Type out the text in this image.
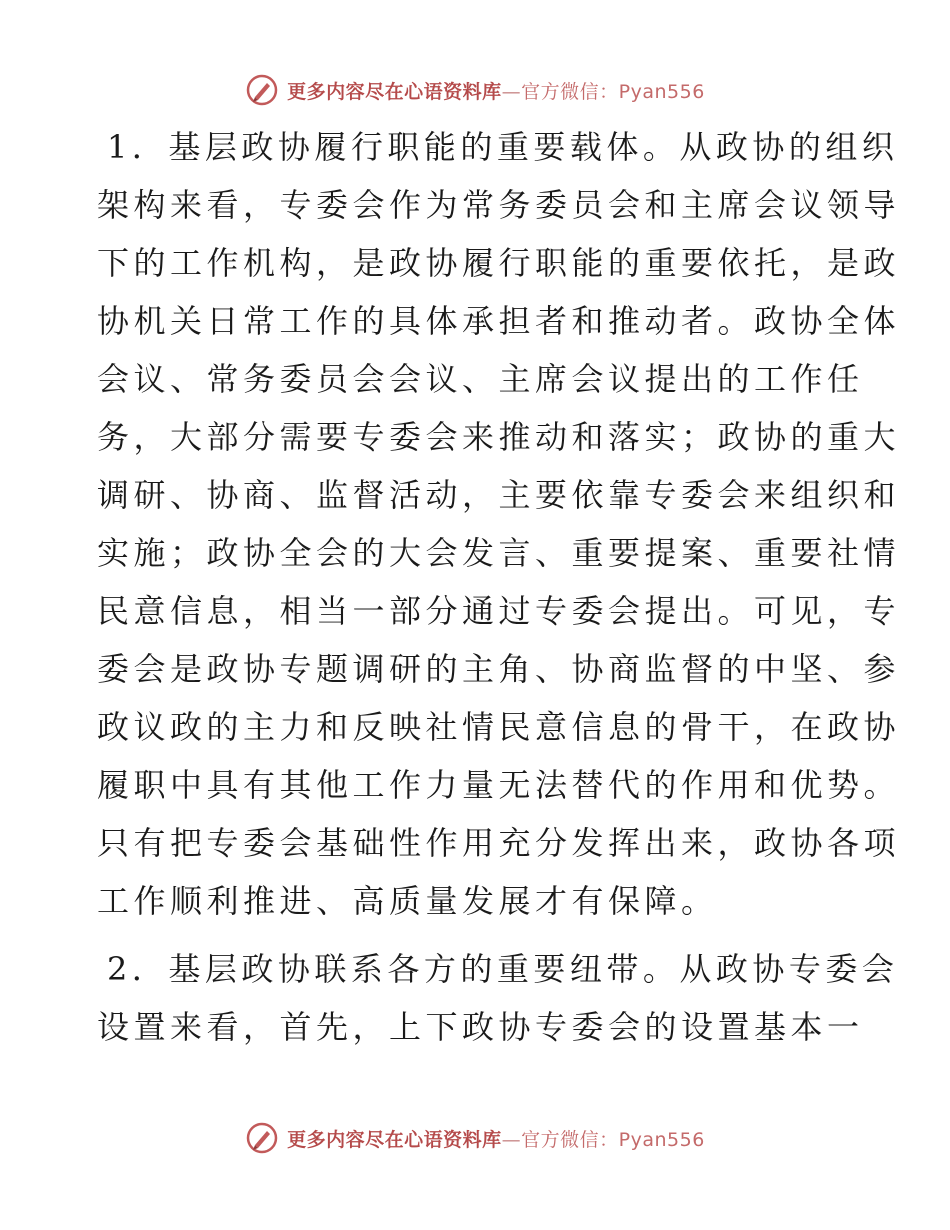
更多内容尽在心语资料库—官方微信：Pyan556

1．基层政协履行职能的重要载体。从政协的组织
架构来看，专委会作为常务委员会和主席会议领导
下的工作机构，是政协履行职能的重要依托，是政
协机关日常工作的具体承担者和推动者。政协全体
会议、常务委员会会议、主席会议提出的工作任
务，大部分需要专委会来推动和落实；政协的重大
调研、协商、监督活动，主要依靠专委会来组织和
实施；政协全会的大会发言、重要提案、重要社情
民意信息，相当一部分通过专委会提出。可见，专
委会是政协专题调研的主角、协商监督的中坚、参
政议政的主力和反映社情民意信息的骨干，在政协
履职中具有其他工作力量无法替代的作用和优势。
只有把专委会基础性作用充分发挥出来，政协各项
工作顺利推进、高质量发展才有保障。

2．基层政协联系各方的重要纽带。从政协专委会
设置来看，首先，上下政协专委会的设置基本一

更多内容尽在心语资料库—官方微信：Pyan556
